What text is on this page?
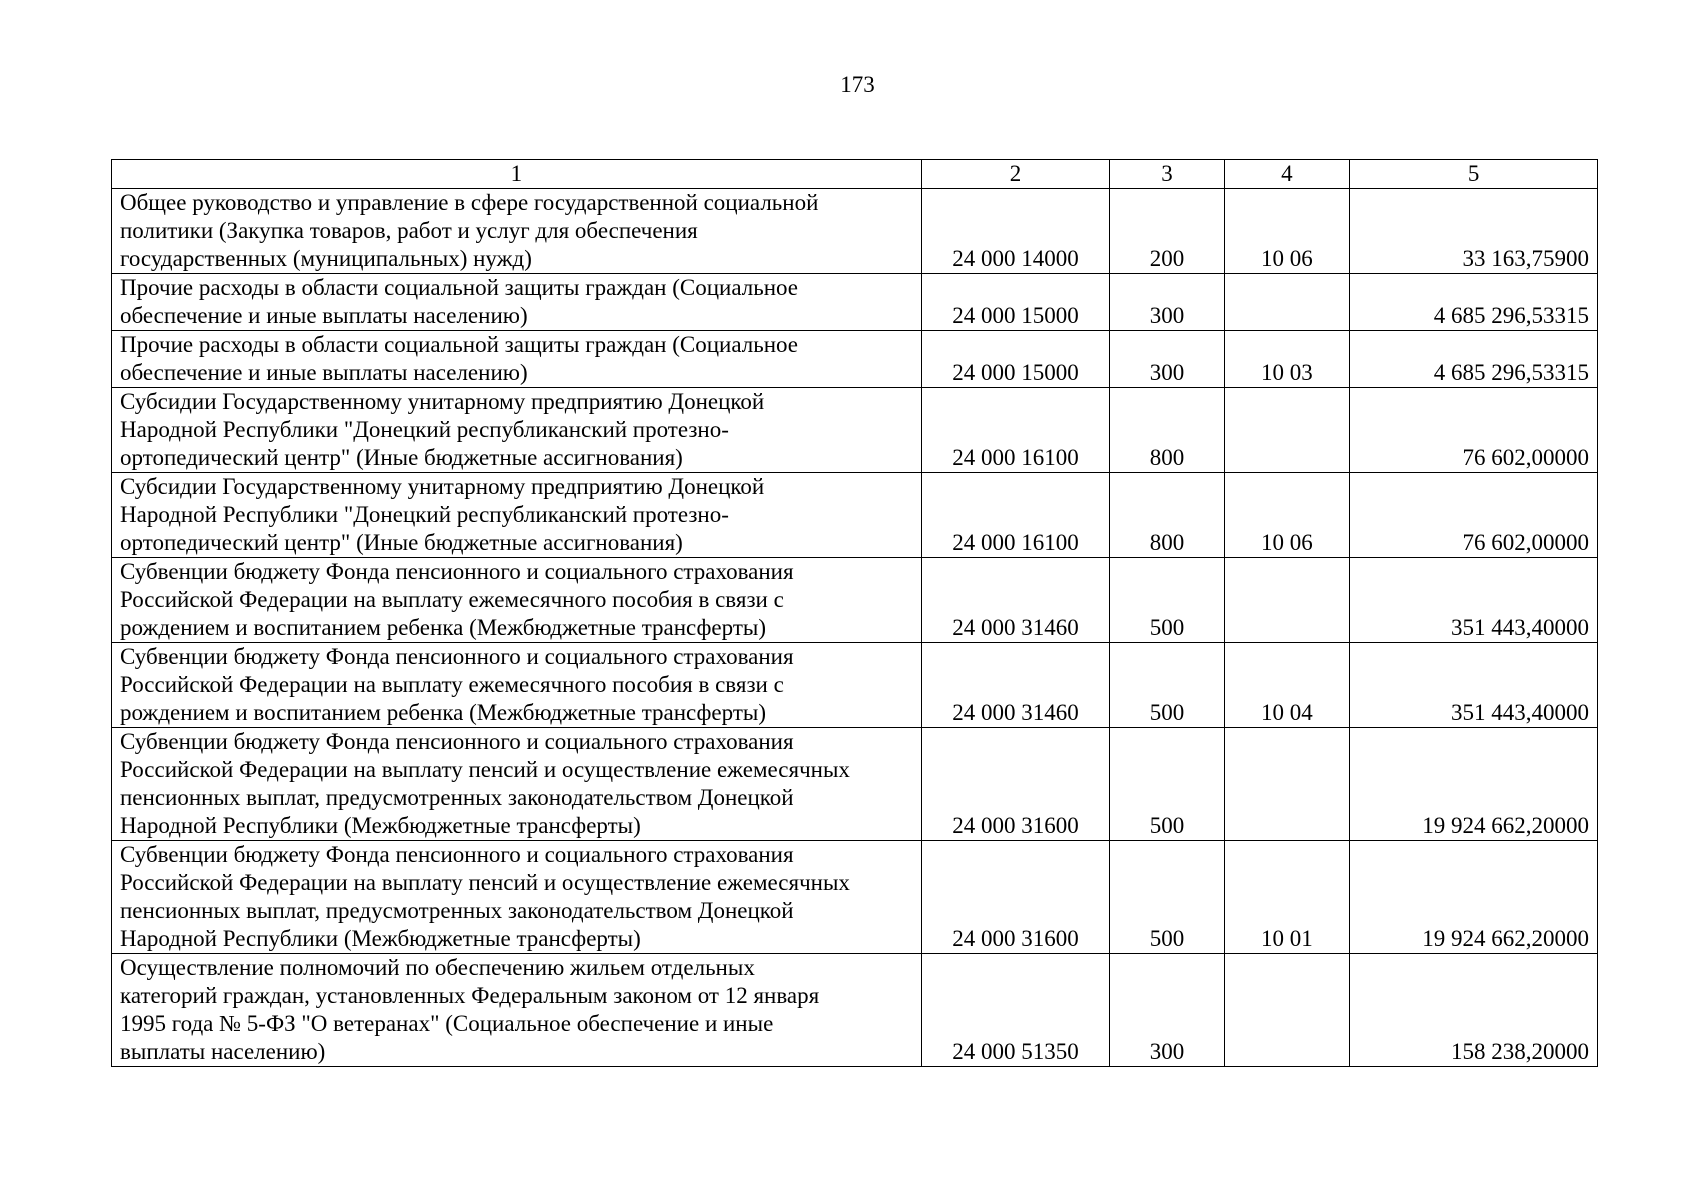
173
1	2	3	4	5
Общее руководство и управление в сфере государственной социальной
политики (Закупка товаров, работ и услуг для обеспечения
государственных (муниципальных) нужд)	24 000 14000	200	10 06	33 163,75900
Прочие расходы в области социальной защиты граждан (Социальное
обеспечение и иные выплаты населению)	24 000 15000	300		4 685 296,53315
Прочие расходы в области социальной защиты граждан (Социальное
обеспечение и иные выплаты населению)	24 000 15000	300	10 03	4 685 296,53315
Субсидии Государственному унитарному предприятию Донецкой
Народной Республики "Донецкий республиканский протезно-
ортопедический центр" (Иные бюджетные ассигнования)	24 000 16100	800		76 602,00000
Субсидии Государственному унитарному предприятию Донецкой
Народной Республики "Донецкий республиканский протезно-
ортопедический центр" (Иные бюджетные ассигнования)	24 000 16100	800	10 06	76 602,00000
Субвенции бюджету Фонда пенсионного и социального страхования
Российской Федерации на выплату ежемесячного пособия в связи с
рождением и воспитанием ребенка (Межбюджетные трансферты)	24 000 31460	500		351 443,40000
Субвенции бюджету Фонда пенсионного и социального страхования
Российской Федерации на выплату ежемесячного пособия в связи с
рождением и воспитанием ребенка (Межбюджетные трансферты)	24 000 31460	500	10 04	351 443,40000
Субвенции бюджету Фонда пенсионного и социального страхования
Российской Федерации на выплату пенсий и осуществление ежемесячных
пенсионных выплат, предусмотренных законодательством Донецкой
Народной Республики (Межбюджетные трансферты)	24 000 31600	500		19 924 662,20000
Субвенции бюджету Фонда пенсионного и социального страхования
Российской Федерации на выплату пенсий и осуществление ежемесячных
пенсионных выплат, предусмотренных законодательством Донецкой
Народной Республики (Межбюджетные трансферты)	24 000 31600	500	10 01	19 924 662,20000
Осуществление полномочий по обеспечению жильем отдельных
категорий граждан, установленных Федеральным законом от 12 января
1995 года № 5-ФЗ "О ветеранах" (Социальное обеспечение и иные
выплаты населению)	24 000 51350	300		158 238,20000
